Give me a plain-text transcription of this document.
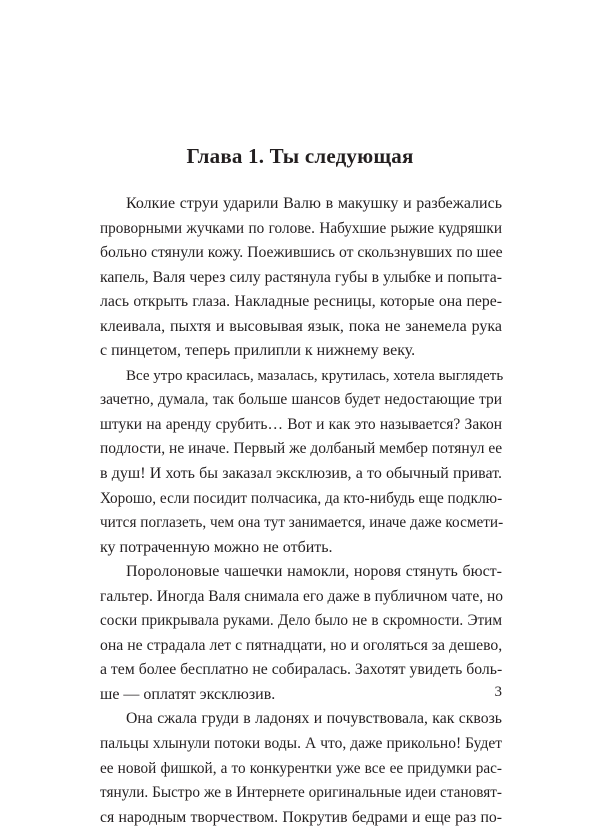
Глава 1. Ты следующая
Колкие струи ударили Валю в макушку и разбежались
проворными жучками по голове. Набухшие рыжие кудряшки
больно стянули кожу. Поежившись от скользнувших по шее
капель, Валя через силу растянула губы в улыбке и попыта-
лась открыть глаза. Накладные ресницы, которые она пере-
клеивала, пыхтя и высовывая язык, пока не занемела рука
с пинцетом, теперь прилипли к нижнему веку.
Все утро красилась, мазалась, крутилась, хотела выглядеть
зачетно, думала, так больше шансов будет недостающие три
штуки на аренду срубить… Вот и как это называется? Закон
подлости, не иначе. Первый же долбаный мембер потянул ее
в душ! И хоть бы заказал эксклюзив, а то обычный приват.
Хорошо, если посидит полчасика, да кто-нибудь еще подклю-
чится поглазеть, чем она тут занимается, иначе даже космети-
ку потраченную можно не отбить.
Поролоновые чашечки намокли, норовя стянуть бюст-
гальтер. Иногда Валя снимала его даже в публичном чате, но
соски прикрывала руками. Дело было не в скромности. Этим
она не страдала лет с пятнадцати, но и оголяться за дешево,
а тем более бесплатно не собиралась. Захотят увидеть боль-
ше — оплатят эксклюзив.
Она сжала груди в ладонях и почувствовала, как сквозь
пальцы хлынули потоки воды. А что, даже прикольно! Будет
ее новой фишкой, а то конкурентки уже все ее придумки рас-
тянули. Быстро же в Интернете оригинальные идеи становят-
ся народным творчеством. Покрутив бедрами и еще раз по-
3
